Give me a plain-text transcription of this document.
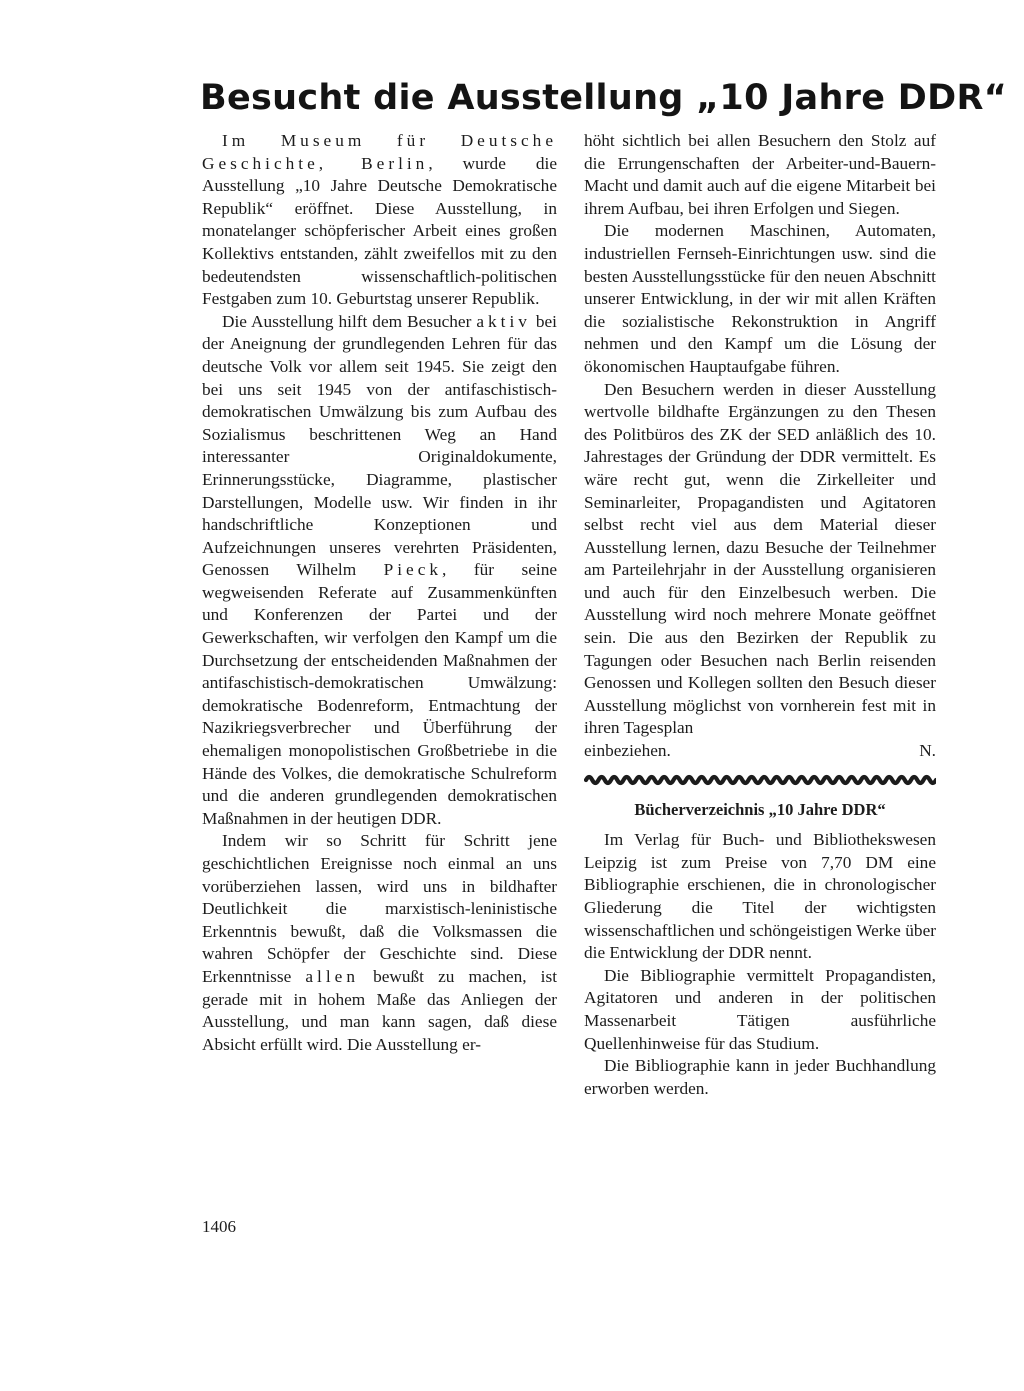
Besucht die Ausstellung „10 Jahre DDR“

Im Museum für Deutsche Geschichte, Berlin, wurde die Ausstellung „10 Jahre Deutsche Demokratische Republik“ eröffnet. Diese Ausstellung, in monatelanger schöpferischer Arbeit eines großen Kollektivs entstanden, zählt zweifellos mit zu den bedeutendsten wissenschaftlich-politischen Festgaben zum 10. Geburtstag unserer Republik.

Die Ausstellung hilft dem Besucher aktiv bei der Aneignung der grundlegenden Lehren für das deutsche Volk vor allem seit 1945. Sie zeigt den bei uns seit 1945 von der antifaschistisch-demokratischen Umwälzung bis zum Aufbau des Sozialismus beschrittenen Weg an Hand interessanter Originaldokumente, Erinnerungsstücke, Diagramme, plastischer Darstellungen, Modelle usw. Wir finden in ihr handschriftliche Konzeptionen und Aufzeichnungen unseres verehrten Präsidenten, Genossen Wilhelm Pieck, für seine wegweisenden Referate auf Zusammenkünften und Konferenzen der Partei und der Gewerkschaften, wir verfolgen den Kampf um die Durchsetzung der entscheidenden Maßnahmen der antifaschistisch-demokratischen Umwälzung: demokratische Bodenreform, Entmachtung der Nazikriegsverbrecher und Überführung der ehemaligen monopolistischen Großbetriebe in die Hände des Volkes, die demokratische Schulreform und die anderen grundlegenden demokratischen Maßnahmen in der heutigen DDR.

Indem wir so Schritt für Schritt jene geschichtlichen Ereignisse noch einmal an uns vorüberziehen lassen, wird uns in bildhafter Deutlichkeit die marxistisch-leninistische Erkenntnis bewußt, daß die Volksmassen die wahren Schöpfer der Geschichte sind. Diese Erkenntnisse allen bewußt zu machen, ist gerade mit in hohem Maße das Anliegen der Ausstellung, und man kann sagen, daß diese Absicht erfüllt wird. Die Ausstellung er-

höht sichtlich bei allen Besuchern den Stolz auf die Errungenschaften der Arbeiter-und-Bauern-Macht und damit auch auf die eigene Mitarbeit bei ihrem Aufbau, bei ihren Erfolgen und Siegen.

Die modernen Maschinen, Automaten, industriellen Fernseh-Einrichtungen usw. sind die besten Ausstellungsstücke für den neuen Abschnitt unserer Entwicklung, in der wir mit allen Kräften die sozialistische Rekonstruktion in Angriff nehmen und den Kampf um die Lösung der ökonomischen Hauptaufgabe führen.

Den Besuchern werden in dieser Ausstellung wertvolle bildhafte Ergänzungen zu den Thesen des Politbüros des ZK der SED anläßlich des 10. Jahrestages der Gründung der DDR vermittelt. Es wäre recht gut, wenn die Zirkelleiter und Seminarleiter, Propagandisten und Agitatoren selbst recht viel aus dem Material dieser Ausstellung lernen, dazu Besuche der Teilnehmer am Parteilehrjahr in der Ausstellung organisieren und auch für den Einzelbesuch werben. Die Ausstellung wird noch mehrere Monate geöffnet sein. Die aus den Bezirken der Republik zu Tagungen oder Besuchen nach Berlin reisenden Genossen und Kollegen sollten den Besuch dieser Ausstellung möglichst von vornherein fest mit in ihren Tagesplan

einbeziehen.	N.
Bücherverzeichnis „10 Jahre DDR“

Im Verlag für Buch- und Bibliothekswesen Leipzig ist zum Preise von 7,70 DM eine Bibliographie erschienen, die in chronologischer Gliederung die Titel der wichtigsten wissenschaftlichen und schöngeistigen Werke über die Entwicklung der DDR nennt.

Die Bibliographie vermittelt Propagandisten, Agitatoren und anderen in der politischen Massenarbeit Tätigen ausführliche Quellenhinweise für das Studium.

Die Bibliographie kann in jeder Buchhandlung erworben werden.

1406
